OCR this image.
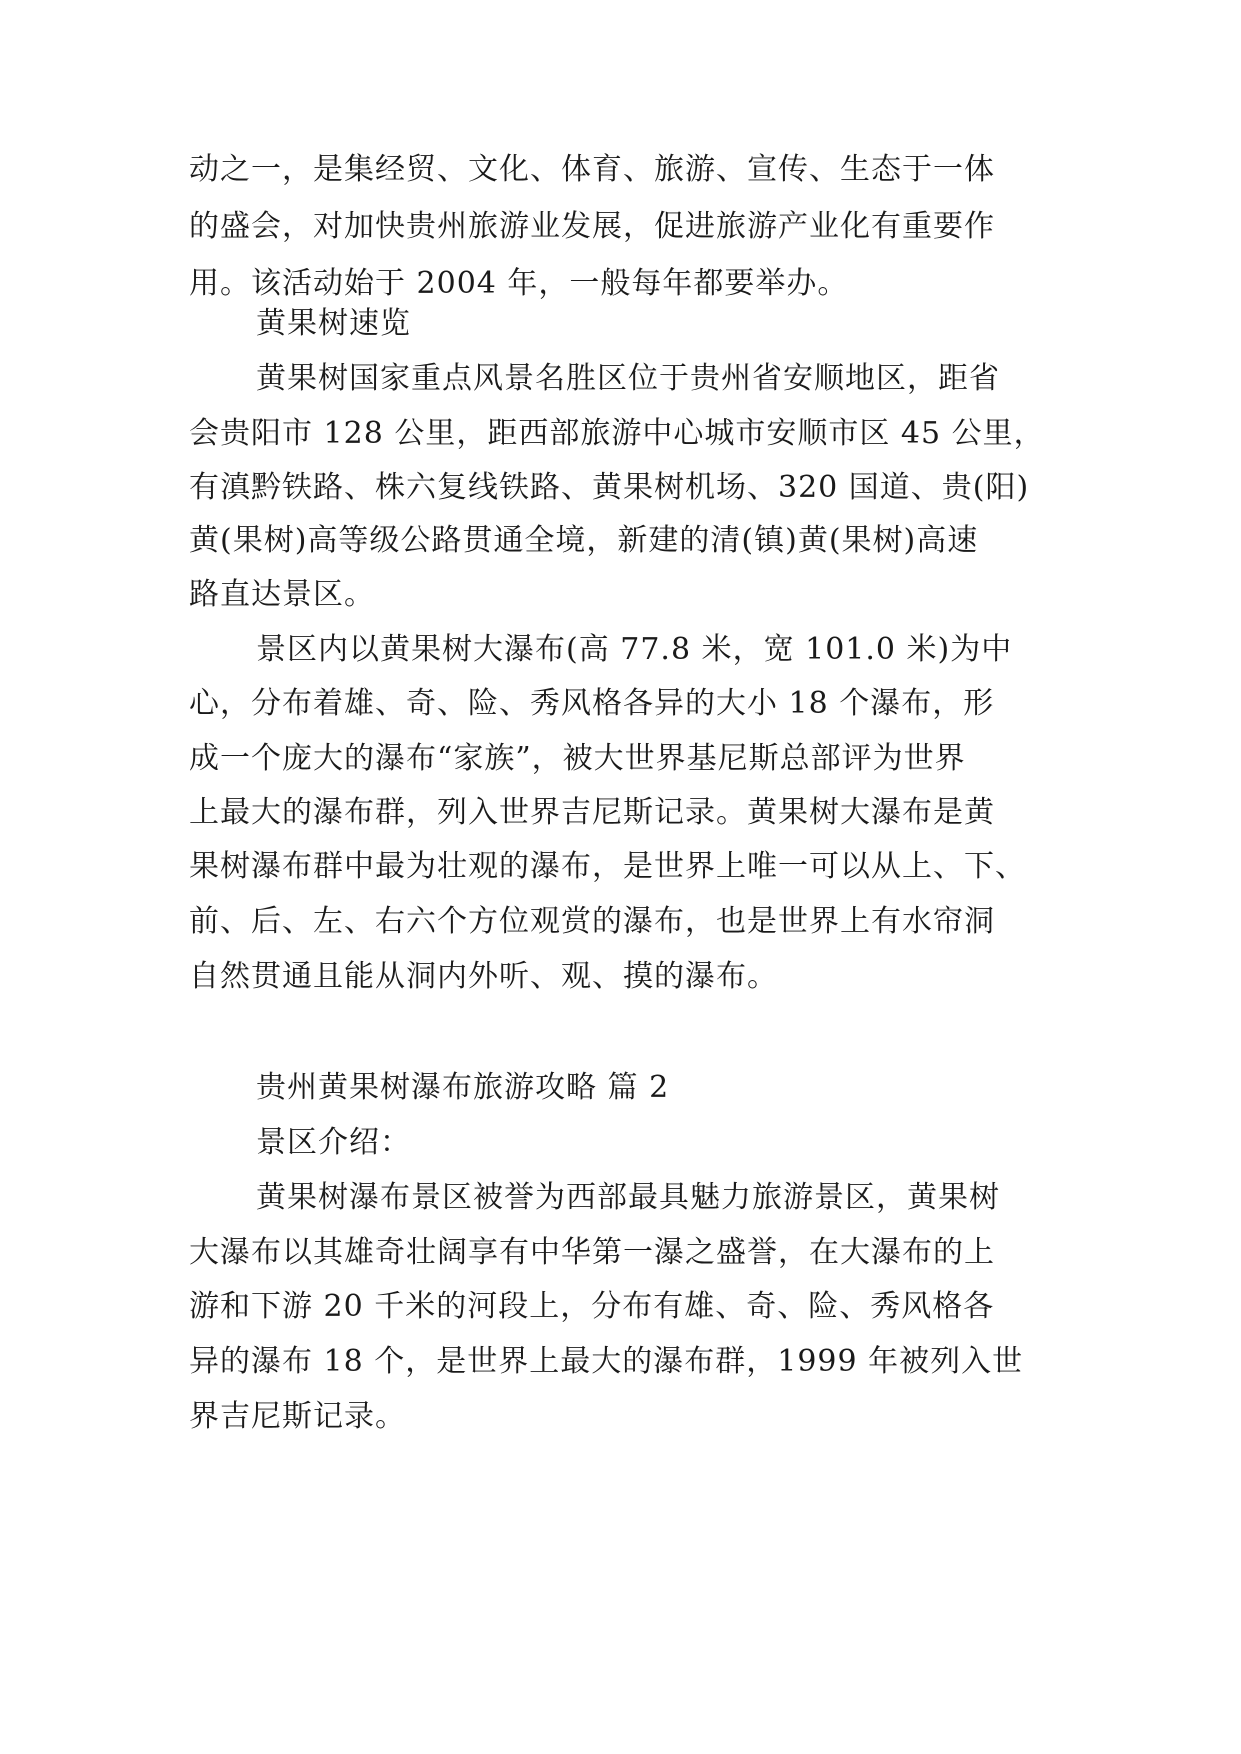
动之一，是集经贸、文化、体育、旅游、宣传、生态于一体
的盛会，对加快贵州旅游业发展，促进旅游产业化有重要作
用。该活动始于 2004 年，一般每年都要举办。
黄果树速览
黄果树国家重点风景名胜区位于贵州省安顺地区，距省
会贵阳市 128 公里，距西部旅游中心城市安顺市区 45 公里，
有滇黔铁路、株六复线铁路、黄果树机场、320 国道、贵(阳)
黄(果树)高等级公路贯通全境，新建的清(镇)黄(果树)高速
路直达景区。
景区内以黄果树大瀑布(高 77.8 米，宽 101.0 米)为中
心，分布着雄、奇、险、秀风格各异的大小 18 个瀑布，形
成一个庞大的瀑布“家族”，被大世界基尼斯总部评为世界
上最大的瀑布群，列入世界吉尼斯记录。黄果树大瀑布是黄
果树瀑布群中最为壮观的瀑布，是世界上唯一可以从上、下、
前、后、左、右六个方位观赏的瀑布，也是世界上有水帘洞
自然贯通且能从洞内外听、观、摸的瀑布。
贵州黄果树瀑布旅游攻略 篇 2
景区介绍：
黄果树瀑布景区被誉为西部最具魅力旅游景区，黄果树
大瀑布以其雄奇壮阔享有中华第一瀑之盛誉，在大瀑布的上
游和下游 20 千米的河段上，分布有雄、奇、险、秀风格各
异的瀑布 18 个，是世界上最大的瀑布群，1999 年被列入世
界吉尼斯记录。
